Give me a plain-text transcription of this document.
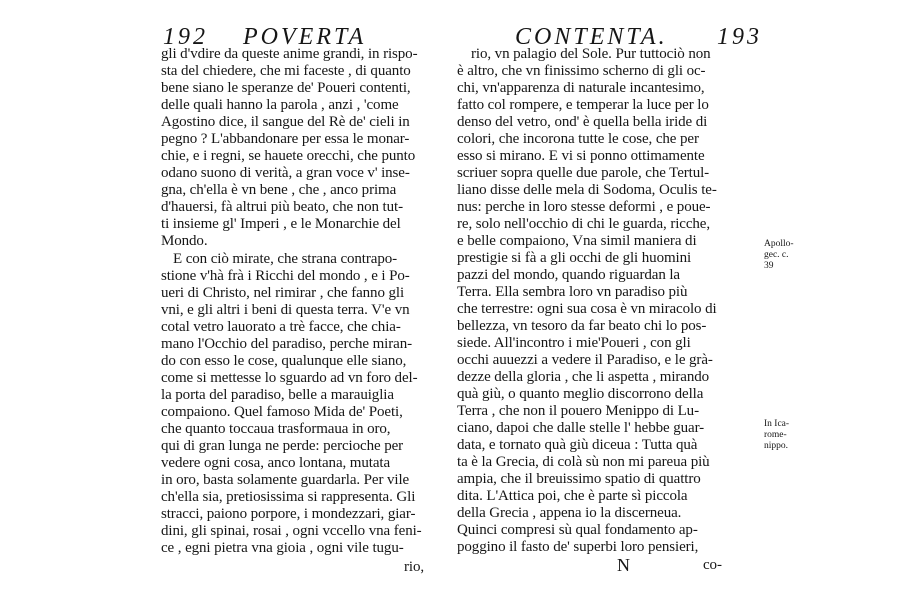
192 POVERTA
gli d'vdire da queste anime grandi, in rispo-
sta del chiedere, che mi faceste , di quanto
bene siano le speranze de' Poueri contenti,
delle quali hanno la parola , anzi , 'come
Agostino dice, il sangue del Rè de' cieli in
pegno ? L'abbandonare per essa le monar-
chie, e i regni, se hauete orecchi, che punto
odano suono di verità, a gran voce v' inse-
gna, ch'ella è vn bene , che , anco prima
d'hauersi, fà altrui più beato, che non tut-
ti insieme gl' Imperi , e le Monarchie del
Mondo.
E con ciò mirate, che strana contrapo-
stione v'hà frà i Ricchi del mondo , e i Po-
ueri di Christo, nel rimirar , che fanno gli
vni, e gli altri i beni di questa terra. V'e vn
cotal vetro lauorato a trè facce, che chia-
mano l'Occhio del paradiso, perche miran-
do con esso le cose, qualunque elle siano,
come si mettesse lo sguardo ad vn foro del-
la porta del paradiso, belle a marauiglia
compaiono. Quel famoso Mida de' Poeti,
che quanto toccaua trasformaua in oro,
qui di gran lunga ne perde: percioche per
vedere ogni cosa, anco lontana, mutata
in oro, basta solamente guardarla. Per vile
ch'ella sia, pretiosissima si rappresenta. Gli
stracci, paiono porpore, i mondezzari, giar-
dini, gli spinai, rosai , ogni vccello vna feni-
ce , egni pietra vna gioia , ogni vile tugu-
rio,
CONTENTA. 193
rio, vn palagio del Sole. Pur tuttociò non
è altro, che vn finissimo scherno di gli oc-
chi, vn'apparenza di naturale incantesimo,
fatto col rompere, e temperar la luce per lo
denso del vetro, ond' è quella bella iride di
colori, che incorona tutte le cose, che per
esso si mirano. E vi si ponno ottimamente
scriuer sopra quelle due parole, che Tertul-
liano disse delle mela di Sodoma, Oculis te-
nus: perche in loro stesse deformi , e poue-
re, solo nell'occhio di chi le guarda, ricche,
e belle compaiono, Vna simil maniera di
prestigie si fà a gli occhi de gli huomini
pazzi del mondo, quando riguardan la
Terra. Ella sembra loro vn paradiso più
che terrestre: ogni sua cosa è vn miracolo di
bellezza, vn tesoro da far beato chi lo pos-
siede. All'incontro i mie'Poueri , con gli
occhi auuezzi a vedere il Paradiso, e le grà-
dezze della gloria , che li aspetta , mirando
quà giù, o quanto meglio discorrono della
Terra , che non il pouero Menippo di Lu-
ciano, dapoi che dalle stelle l' hebbe guar-
data, e tornato quà giù diceua : Tutta quà
ta è la Grecia, di colà sù non mi pareua più
ampia, che il breuissimo spatio di quattro
dita. L'Attica poi, che è parte sì piccola
della Grecia , appena io la discerneua.
Quinci compresi sù qual fondamento ap-
poggino il fasto de' superbi loro pensieri,
Apollo-
gec. c.
39
In Ica-
rome-
nippo.
N	co-
